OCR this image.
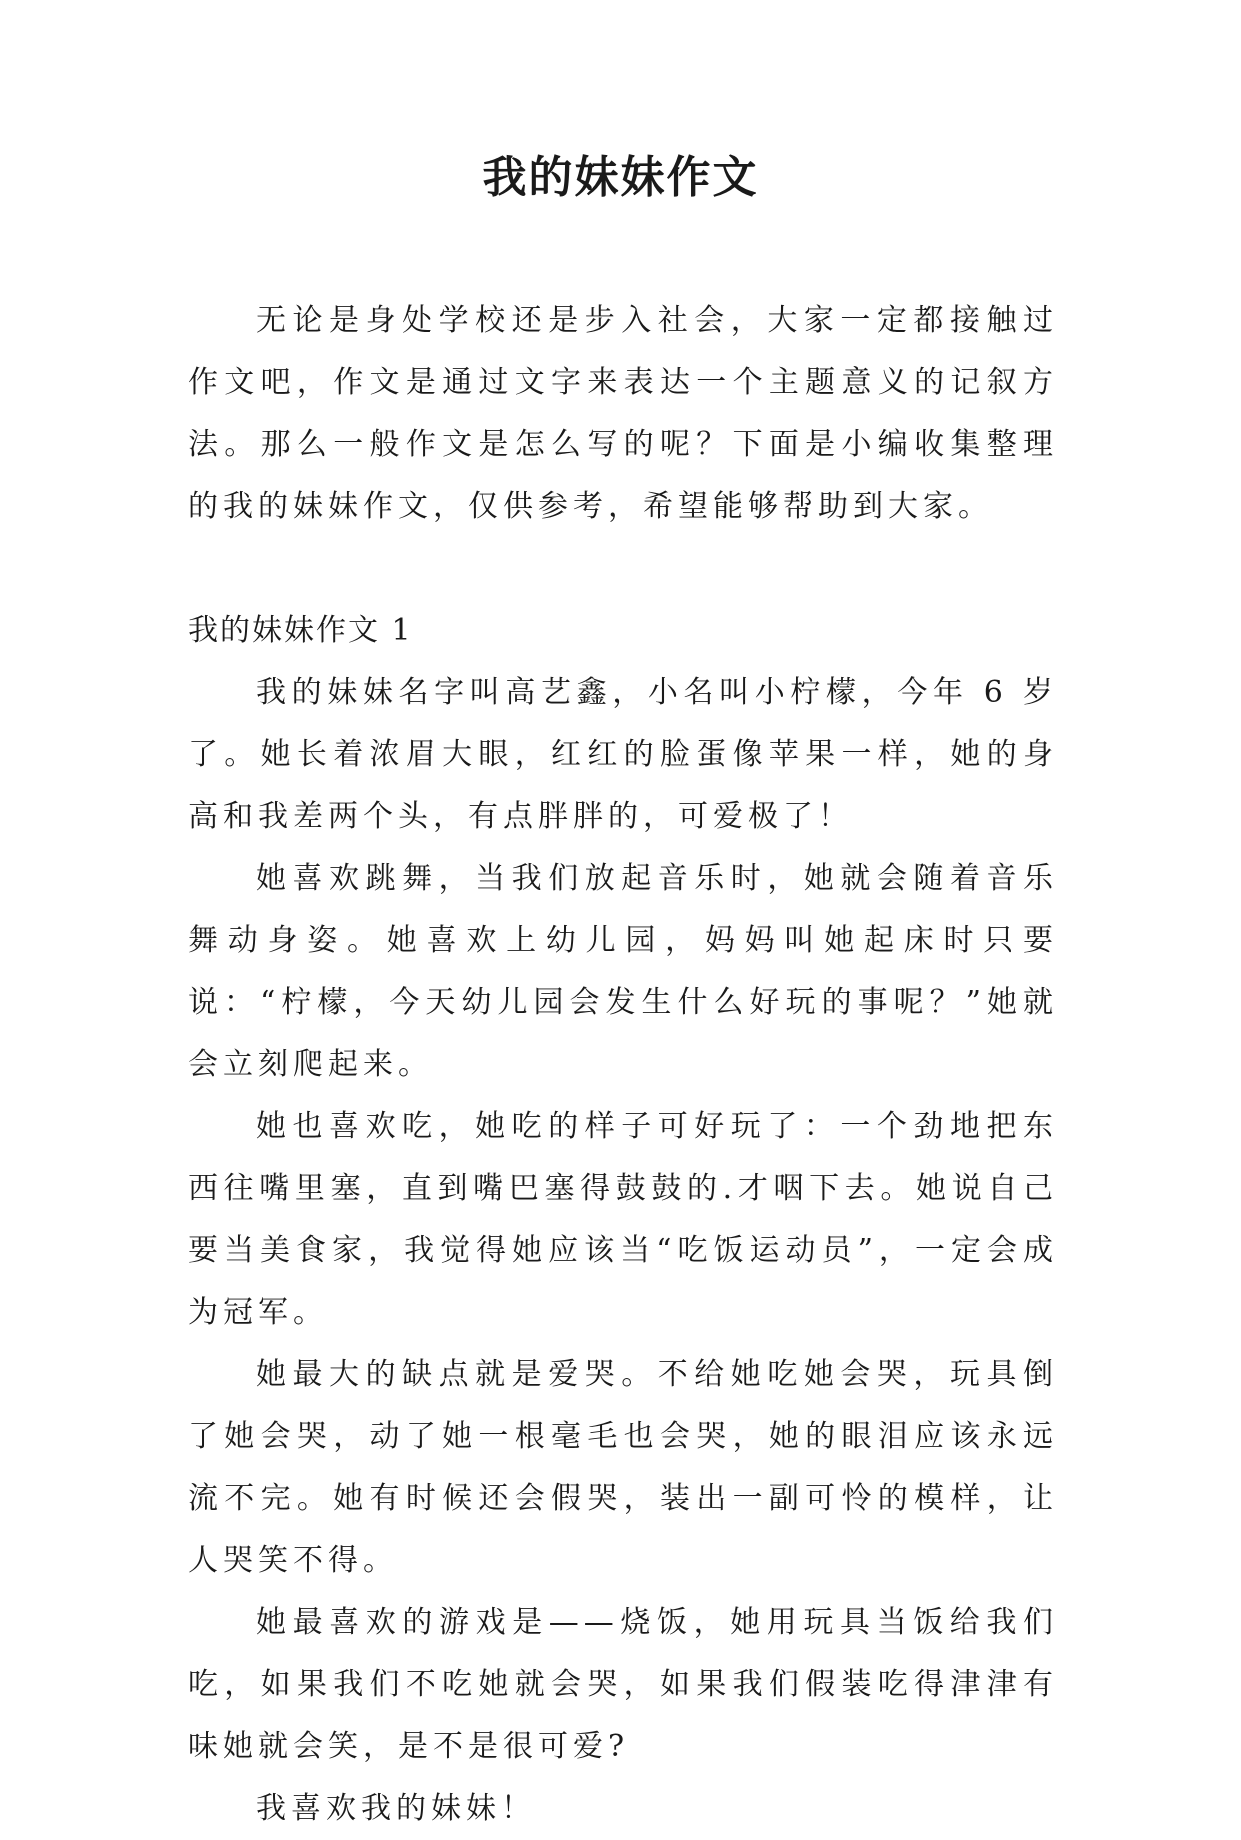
我的妹妹作文

无论是身处学校还是步入社会，大家一定都接触过作文吧，作文是通过文字来表达一个主题意义的记叙方法。那么一般作文是怎么写的呢？下面是小编收集整理的我的妹妹作文，仅供参考，希望能够帮助到大家。

我的妹妹作文 1

我的妹妹名字叫高艺鑫，小名叫小柠檬，今年 6 岁了。她长着浓眉大眼，红红的脸蛋像苹果一样，她的身高和我差两个头，有点胖胖的，可爱极了！

她喜欢跳舞，当我们放起音乐时，她就会随着音乐舞动身姿。她喜欢上幼儿园，妈妈叫她起床时只要说：“柠檬，今天幼儿园会发生什么好玩的事呢？”她就会立刻爬起来。

她也喜欢吃，她吃的样子可好玩了：一个劲地把东西往嘴里塞，直到嘴巴塞得鼓鼓的.才咽下去。她说自己要当美食家，我觉得她应该当“吃饭运动员”，一定会成为冠军。

她最大的缺点就是爱哭。不给她吃她会哭，玩具倒了她会哭，动了她一根毫毛也会哭，她的眼泪应该永远流不完。她有时候还会假哭，装出一副可怜的模样，让人哭笑不得。

她最喜欢的游戏是——烧饭，她用玩具当饭给我们吃，如果我们不吃她就会哭，如果我们假装吃得津津有味她就会笑，是不是很可爱?

我喜欢我的妹妹！
